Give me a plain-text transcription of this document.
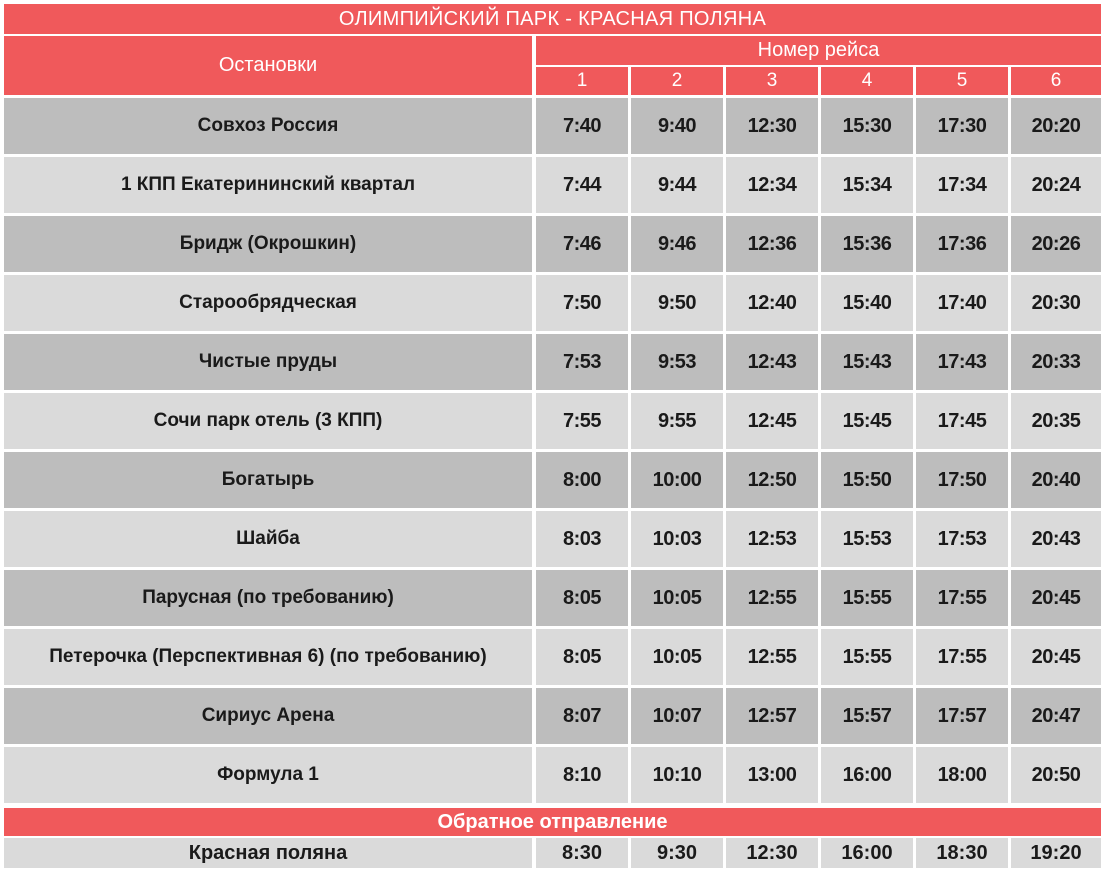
ОЛИМПИЙСКИЙ ПАРК - КРАСНАЯ ПОЛЯНА
Остановки
Номер рейса
1	2	3	4	5	6
Совхоз Россия	7:40	9:40	12:30	15:30	17:30	20:20
1 КПП Екатерининский квартал	7:44	9:44	12:34	15:34	17:34	20:24
Бридж (Окрошкин)	7:46	9:46	12:36	15:36	17:36	20:26
Старообрядческая	7:50	9:50	12:40	15:40	17:40	20:30
Чистые пруды	7:53	9:53	12:43	15:43	17:43	20:33
Сочи парк отель (3 КПП)	7:55	9:55	12:45	15:45	17:45	20:35
Богатырь	8:00	10:00	12:50	15:50	17:50	20:40
Шайба	8:03	10:03	12:53	15:53	17:53	20:43
Парусная (по требованию)	8:05	10:05	12:55	15:55	17:55	20:45
Петерочка (Перспективная 6) (по требованию)	8:05	10:05	12:55	15:55	17:55	20:45
Сириус Арена	8:07	10:07	12:57	15:57	17:57	20:47
Формула 1	8:10	10:10	13:00	16:00	18:00	20:50
Обратное отправление
Красная поляна	8:30	9:30	12:30	16:00	18:30	19:20
